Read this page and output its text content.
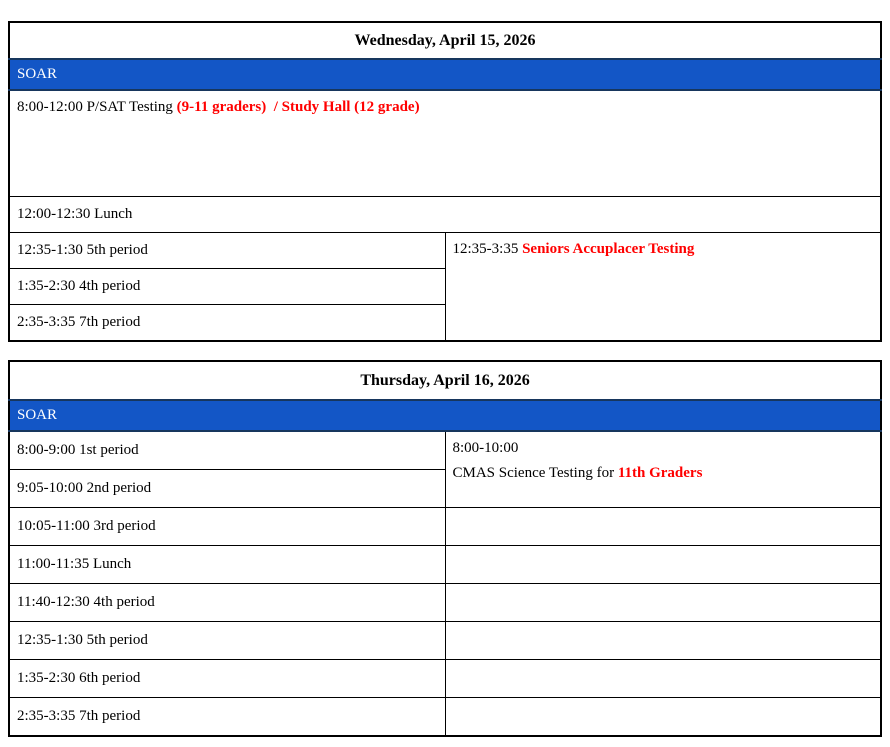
Wednesday, April 15, 2026
SOAR
8:00-12:00 P/SAT Testing (9-11 graders)  / Study Hall (12 grade)
12:00-12:30 Lunch
12:35-1:30 5th period	12:35-3:35 Seniors Accuplacer Testing
1:35-2:30 4th period
2:35-3:35 7th period
Thursday, April 16, 2026	
SOAR	
8:00-9:00 1st period	8:00-10:00
CMAS Science Testing for 11th Graders

9:05-10:00 2nd period	
10:05-11:00 3rd period	
11:00-11:35 Lunch	
11:40-12:30 4th period	
12:35-1:30 5th period	
1:35-2:30 6th period	
2:35-3:35 7th period	
